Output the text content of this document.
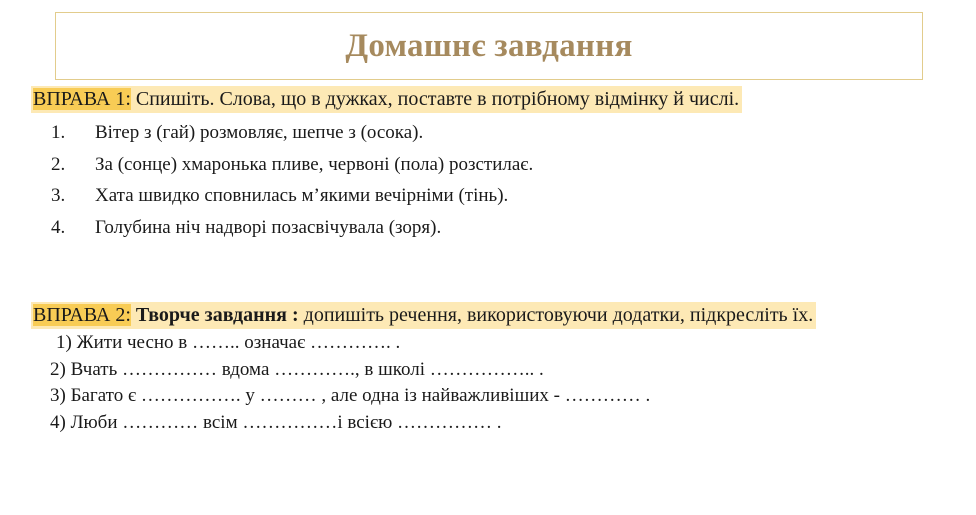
Домашнє завдання
ВПРАВА 1: Спишіть. Слова, що в дужках, поставте в потрібному відмінку й числі.
1.	Вітер з (гай) розмовляє, шепче з (осока).
2.	За (сонце) хмаронька пливе, червоні (пола) розстилає.
3.	Хата швидко сповнилась м’якими вечірніми (тінь).
4.	Голубина ніч надворі позасвічувала (зоря).
ВПРАВА 2: Творче завдання : допишіть речення, використовуючи додатки, підкресліть їх.
1) Жити чесно в …….. означає …………. .
2) Вчать …………… вдома …………., в школі …………….. .
3) Багато є ……………. у ……… , але одна із найважливіших - ………… .
4) Люби ………… всім ……………і всією …………… .
